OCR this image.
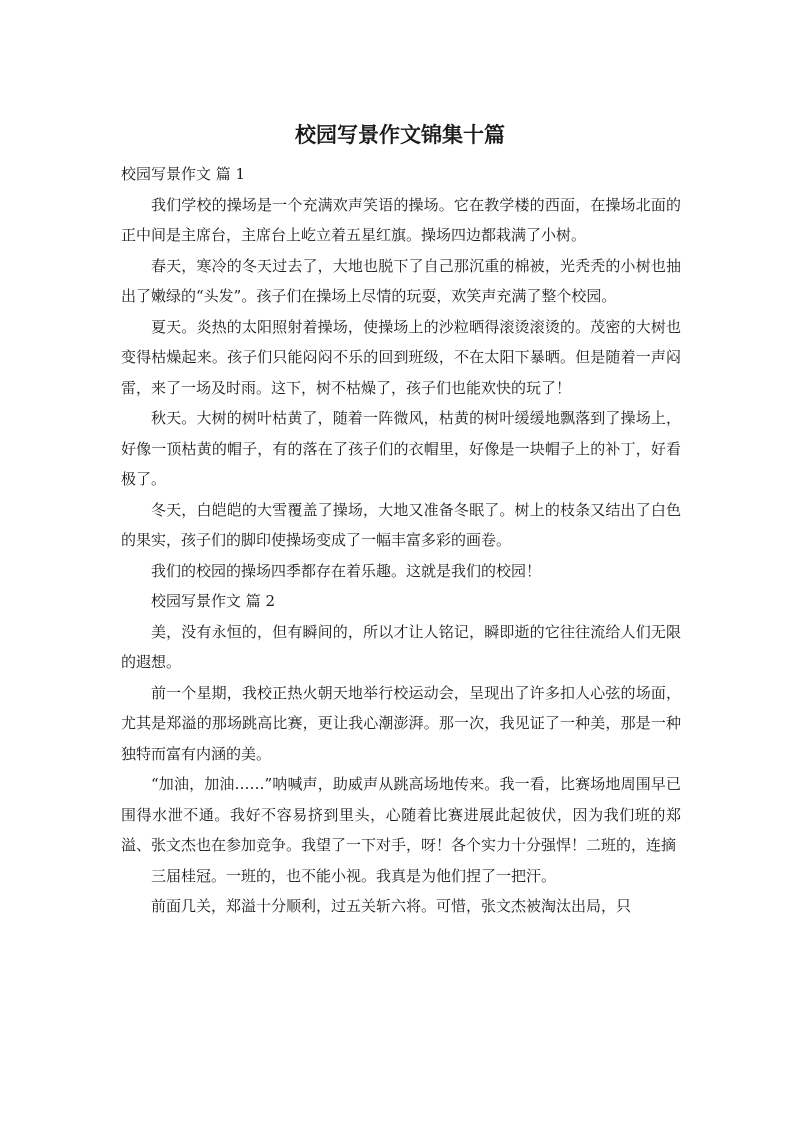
校园写景作文锦集十篇

校园写景作文 篇 1

我们学校的操场是一个充满欢声笑语的操场。它在教学楼的西面，在操场北面的正中间是主席台，主席台上屹立着五星红旗。操场四边都栽满了小树。

春天，寒冷的冬天过去了，大地也脱下了自己那沉重的棉被，光秃秃的小树也抽出了嫩绿的“头发”。孩子们在操场上尽情的玩耍，欢笑声充满了整个校园。

夏天。炎热的太阳照射着操场，使操场上的沙粒晒得滚烫滚烫的。茂密的大树也变得枯燥起来。孩子们只能闷闷不乐的回到班级，不在太阳下暴晒。但是随着一声闷雷，来了一场及时雨。这下，树不枯燥了，孩子们也能欢快的玩了！

秋天。大树的树叶枯黄了，随着一阵微风，枯黄的树叶缓缓地飘落到了操场上，好像一顶枯黄的帽子，有的落在了孩子们的衣帽里，好像是一块帽子上的补丁，好看极了。

冬天，白皑皑的大雪覆盖了操场，大地又准备冬眠了。树上的枝条又结出了白色的果实，孩子们的脚印使操场变成了一幅丰富多彩的画卷。

我们的校园的操场四季都存在着乐趣。这就是我们的校园！

校园写景作文 篇 2

美，没有永恒的，但有瞬间的，所以才让人铭记，瞬即逝的它往往流给人们无限的遐想。

前一个星期，我校正热火朝天地举行校运动会，呈现出了许多扣人心弦的场面，尤其是郑溢的那场跳高比赛，更让我心潮澎湃。那一次，我见证了一种美，那是一种独特而富有内涵的美。

“加油，加油……”呐喊声，助威声从跳高场地传来。我一看，比赛场地周围早已围得水泄不通。我好不容易挤到里头，心随着比赛进展此起彼伏，因为我们班的郑溢、张文杰也在参加竞争。我望了一下对手，呀！各个实力十分强悍！二班的，连摘

三届桂冠。一班的，也不能小视。我真是为他们捏了一把汗。

前面几关，郑溢十分顺利，过五关斩六将。可惜，张文杰被淘汰出局，只
